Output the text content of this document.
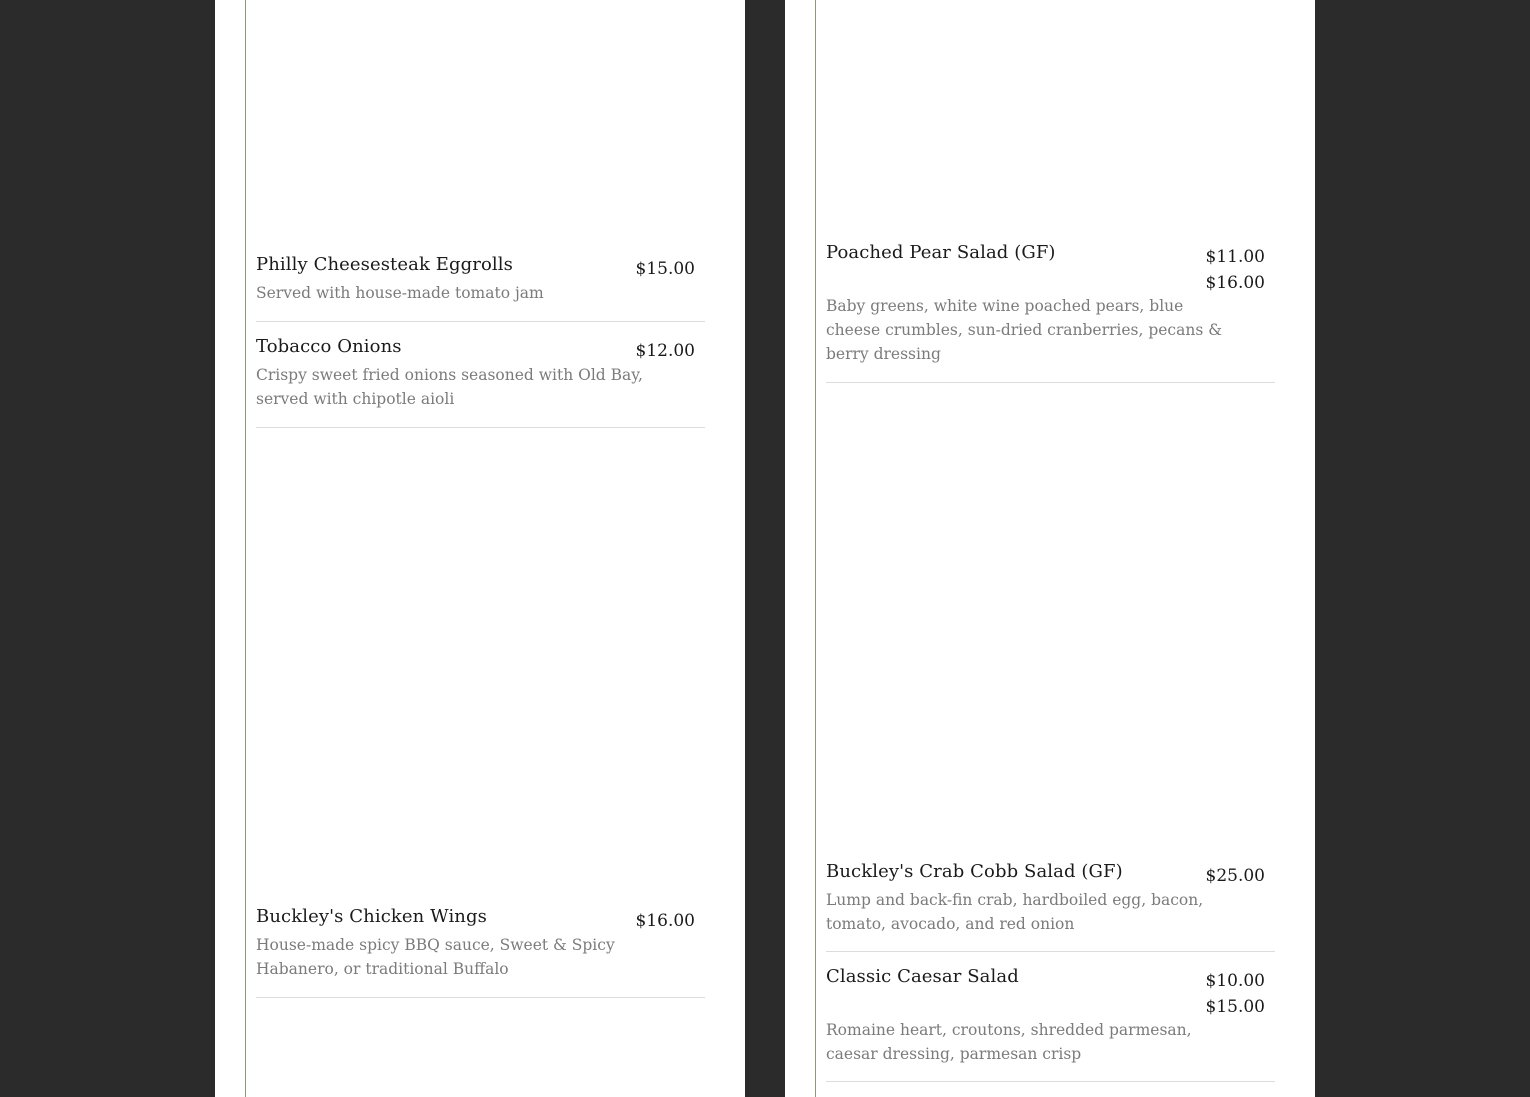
Philly Cheesesteak Eggrolls	$15.00
Served with house-made tomato jam
Tobacco Onions	$12.00
Crispy sweet fried onions seasoned with Old Bay, served with chipotle aioli
Buckley's Chicken Wings	$16.00
House-made spicy BBQ sauce, Sweet & Spicy Habanero, or traditional Buffalo
Poached Pear Salad (GF)	$11.00
$16.00
Baby greens, white wine poached pears, blue cheese crumbles, sun-dried cranberries, pecans & berry dressing
Buckley's Crab Cobb Salad (GF)	$25.00
Lump and back-fin crab, hardboiled egg, bacon, tomato, avocado, and red onion
Classic Caesar Salad	$10.00
$15.00
Romaine heart, croutons, shredded parmesan, caesar dressing, parmesan crisp
